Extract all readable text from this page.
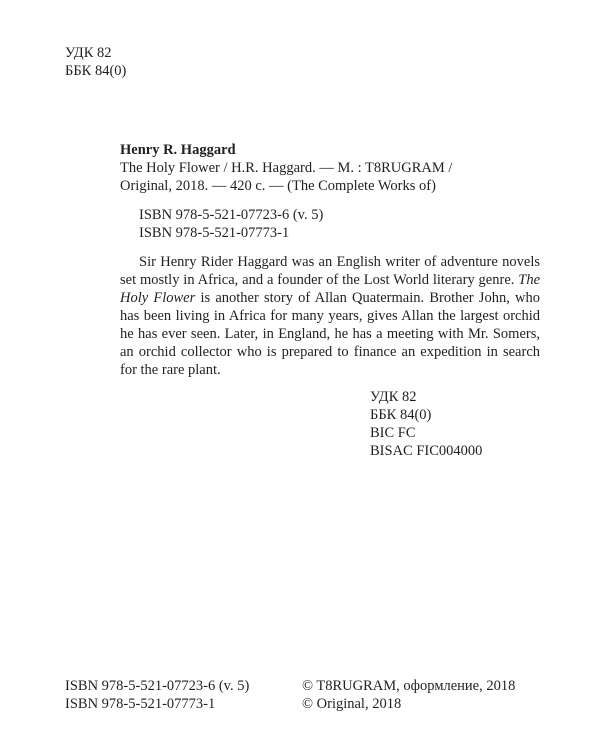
УДК 82
ББК 84(0)
Henry R. Haggard
The Holy Flower / H.R. Haggard. — M. : T8RUGRAM /
Original, 2018. — 420 c. — (The Complete Works of)
ISBN 978-5-521-07723-6 (v. 5)
ISBN 978-5-521-07773-1

Sir Henry Rider Haggard was an English writer of adventure novels set mostly in Africa, and a founder of the Lost World literary genre. The Holy Flower is another story of Allan Quatermain. Brother John, who has been living in Africa for many years, gives Allan the largest orchid he has ever seen. Later, in England, he has a meeting with Mr. Somers, an orchid collector who is prepared to finance an expedition in search for the rare plant.

УДК 82
ББК 84(0)
BIC FC
BISAC FIC004000
ISBN 978-5-521-07723-6 (v. 5)
ISBN 978-5-521-07773-1
© T8RUGRAM, оформление, 2018
© Original, 2018
